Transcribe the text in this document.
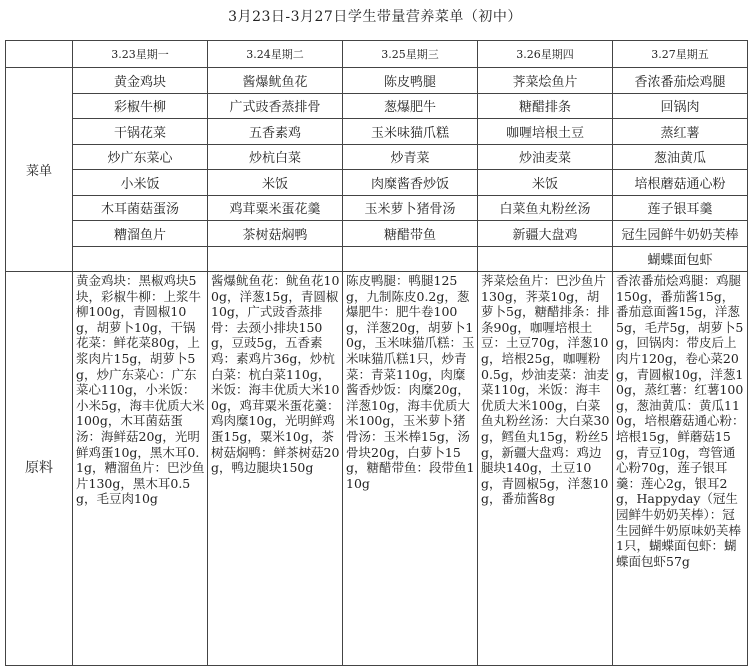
3月23日-3月27日学生带量营养菜单（初中）
	3.23星期一	3.24星期二	3.25星期三	3.26星期四	3.27星期五
菜单	黄金鸡块	酱爆鱿鱼花	陈皮鸭腿	荠菜烩鱼片	香浓番茄烩鸡腿
	彩椒牛柳	广式豉香蒸排骨	葱爆肥牛	糖醋排条	回锅肉
	干锅花菜	五香素鸡	玉米味猫爪糕	咖喱培根土豆	蒸红薯
	炒广东菜心	炒杭白菜	炒青菜	炒油麦菜	葱油黄瓜
	小米饭	米饭	肉糜酱香炒饭	米饭	培根蘑菇通心粉
	木耳菌菇蛋汤	鸡茸粟米蛋花羹	玉米萝卜猪骨汤	白菜鱼丸粉丝汤	莲子银耳羹
	糟溜鱼片	茶树菇焖鸭	糖醋带鱼	新疆大盘鸡	冠生园鲜牛奶奶芙棒
					蝴蝶面包虾
原料	黄金鸡块：黑椒鸡块5块，彩椒牛柳：上浆牛柳100g，青圆椒10g，胡萝卜10g，干锅花菜：鲜花菜80g，上浆肉片15g，胡萝卜5g，炒广东菜心：广东菜心110g，小米饭：小米5g，海丰优质大米100g，木耳菌菇蛋汤：海鲜菇20g，光明鲜鸡蛋10g，黑木耳0.1g，糟溜鱼片：巴沙鱼片130g，黑木耳0.5g，毛豆肉10g	酱爆鱿鱼花：鱿鱼花100g，洋葱15g，青圆椒10g，广式豉香蒸排骨：去颈小排块150g，豆豉5g，五香素鸡：素鸡片36g，炒杭白菜：杭白菜110g，米饭：海丰优质大米100g，鸡茸粟米蛋花羹：鸡肉糜10g，光明鲜鸡蛋15g，粟米10g，茶树菇焖鸭：鲜茶树菇20g，鸭边腿块150g	陈皮鸭腿：鸭腿125g，九制陈皮0.2g，葱爆肥牛：肥牛卷100g，洋葱20g，胡萝卜10g，玉米味猫爪糕：玉米味猫爪糕1只，炒青菜：青菜110g，肉糜酱香炒饭：肉糜20g，洋葱10g，海丰优质大米100g，玉米萝卜猪骨汤：玉米棒15g，汤骨块20g，白萝卜15g，糖醋带鱼：段带鱼110g	荠菜烩鱼片：巴沙鱼片130g，荠菜10g，胡萝卜5g，糖醋排条：排条90g，咖喱培根土豆：土豆70g，洋葱10g，培根25g，咖喱粉0.5g，炒油麦菜：油麦菜110g，米饭：海丰优质大米100g，白菜鱼丸粉丝汤：大白菜30g，鳕鱼丸15g，粉丝5g，新疆大盘鸡：鸡边腿块140g，土豆10g，青圆椒5g，洋葱10g，番茄酱8g	香浓番茄烩鸡腿：鸡腿150g，番茄酱15g，番茄意面酱15g，洋葱5g，毛芹5g，胡萝卜5g，回锅肉：带皮后上肉片120g，卷心菜20g，青圆椒10g，洋葱10g，蒸红薯：红薯100g，葱油黄瓜：黄瓜110g，培根蘑菇通心粉：培根15g，鲜蘑菇15g，青豆10g，弯管通心粉70g，莲子银耳羹：莲心2g，银耳2g，Happyday（冠生园鲜牛奶奶芙棒）：冠生园鲜牛奶原味奶芙棒1只，蝴蝶面包虾：蝴蝶面包虾57g
